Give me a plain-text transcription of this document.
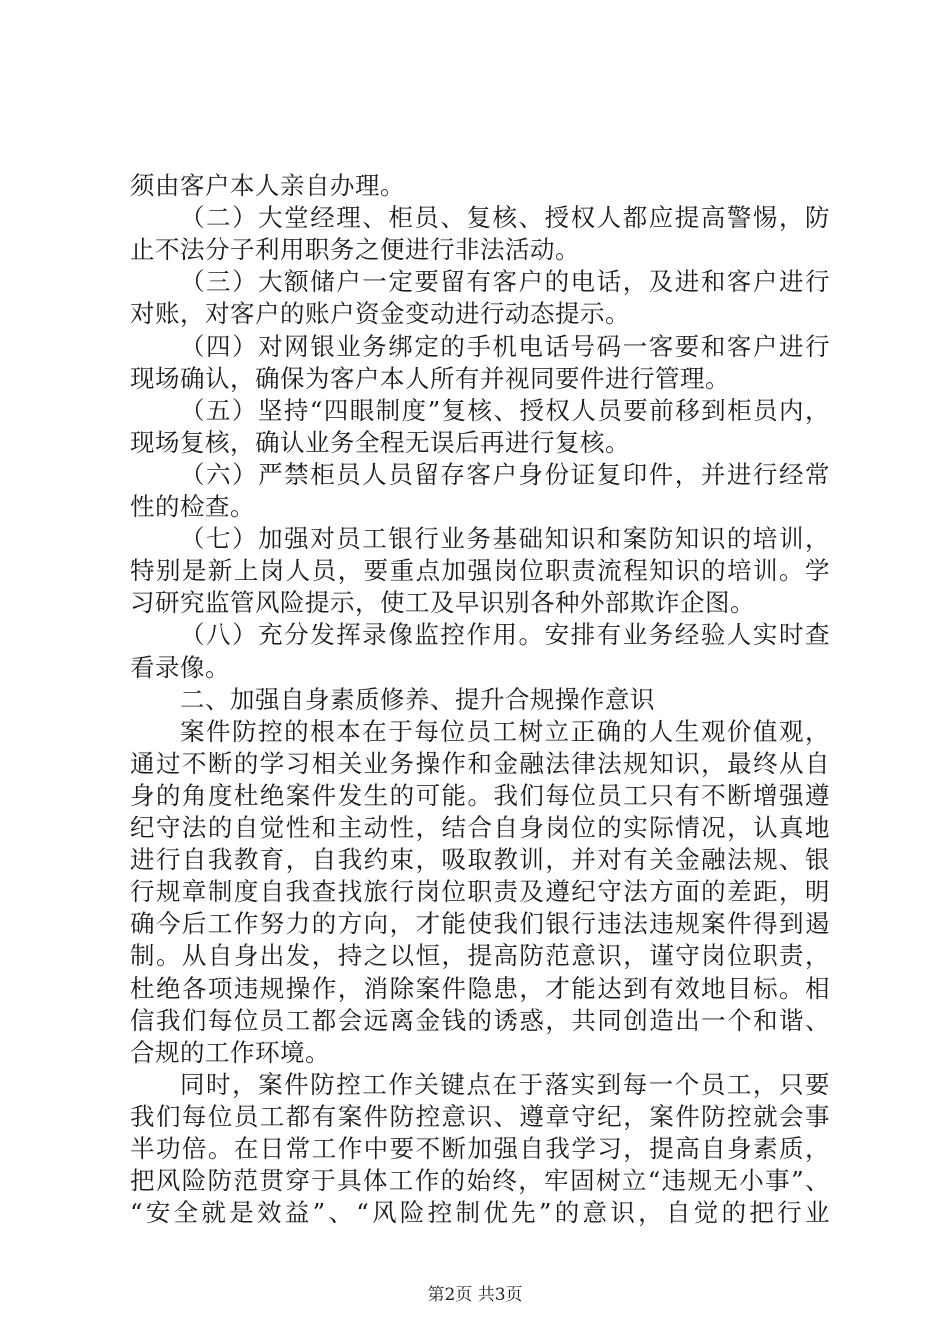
须由客户本人亲自办理。
（二）大堂经理、柜员、复核、授权人都应提高警惕，防
止不法分子利用职务之便进行非法活动。
（三）大额储户一定要留有客户的电话，及进和客户进行
对账，对客户的账户资金变动进行动态提示。
（四）对网银业务绑定的手机电话号码一客要和客户进行
现场确认，确保为客户本人所有并视同要件进行管理。
（五）坚持“四眼制度”复核、授权人员要前移到柜员内，
现场复核，确认业务全程无误后再进行复核。
（六）严禁柜员人员留存客户身份证复印件，并进行经常
性的检查。
（七）加强对员工银行业务基础知识和案防知识的培训，
特别是新上岗人员，要重点加强岗位职责流程知识的培训。学
习研究监管风险提示，使工及早识别各种外部欺诈企图。
（八）充分发挥录像监控作用。安排有业务经验人实时查
看录像。
二、加强自身素质修养、提升合规操作意识
案件防控的根本在于每位员工树立正确的人生观价值观，
通过不断的学习相关业务操作和金融法律法规知识，最终从自
身的角度杜绝案件发生的可能。我们每位员工只有不断增强遵
纪守法的自觉性和主动性，结合自身岗位的实际情况，认真地
进行自我教育，自我约束，吸取教训，并对有关金融法规、银
行规章制度自我查找旅行岗位职责及遵纪守法方面的差距，明
确今后工作努力的方向，才能使我们银行违法违规案件得到遏
制。从自身出发，持之以恒，提高防范意识，谨守岗位职责，
杜绝各项违规操作，消除案件隐患，才能达到有效地目标。相
信我们每位员工都会远离金钱的诱惑，共同创造出一个和谐、
合规的工作环境。
同时，案件防控工作关键点在于落实到每一个员工，只要
我们每位员工都有案件防控意识、遵章守纪，案件防控就会事
半功倍。在日常工作中要不断加强自我学习，提高自身素质，
把风险防范贯穿于具体工作的始终，牢固树立“违规无小事”、
“安全就是效益”、“风险控制优先”的意识，自觉的把行业
第2页 共3页
